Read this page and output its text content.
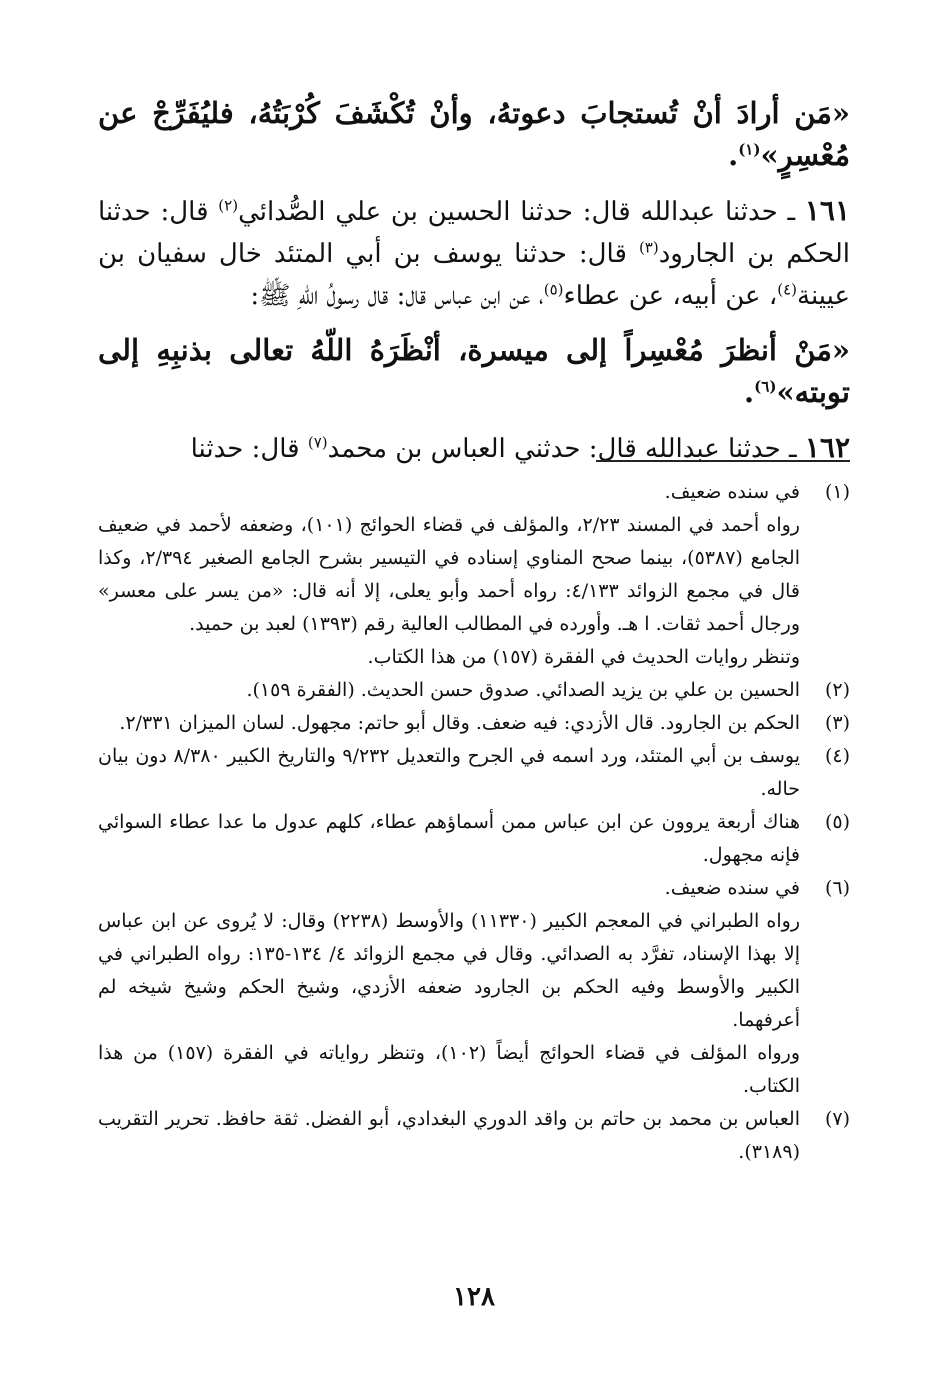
«مَن أرادَ أنْ تُستجابَ دعوتهُ، وأنْ تُكْشَفَ كُرْبَتُهُ، فليُفَرِّجْ عن مُعْسِرٍ»$^{(١)}$.

١٦١ ـ حدثنا عبدالله قال: حدثنا الحسين بن علي الصُّدائي$^{(٢)}$ قال: حدثنا الحكم بن الجارود$^{(٣)}$ قال: حدثنا يوسف بن أبي المتئد خال سفيان بن عيينة$^{(٤)}$، عن أبيه، عن عطاء$^{(٥)}$، عن ابن عباس قال: قال رسولُ اللّهِ ﷺ:

«مَنْ أنظرَ مُعْسِراً إلى ميسرة، أنْظَرَهُ اللّهُ تعالى بذنبِهِ إلى توبته»$^{(٦)}$.

١٦٢ ـ حدثنا عبدالله قال: حدثني العباس بن محمد$^{(٧)}$ قال: حدثنا

(١)
في سنده ضعيف.
رواه أحمد في المسند ٢/٢٣، والمؤلف في قضاء الحوائج (١٠١)، وضعفه لأحمد في ضعيف الجامع (٥٣٨٧)، بينما صحح المناوي إسناده في التيسير بشرح الجامع الصغير ٢/٣٩٤، وكذا قال في مجمع الزوائد ٤/١٣٣: رواه أحمد وأبو يعلى، إلا أنه قال: «من يسر على معسر» ورجال أحمد ثقات. ا هـ. وأورده في المطالب العالية رقم (١٣٩٣) لعبد بن حميد.
وتنظر روايات الحديث في الفقرة (١٥٧) من هذا الكتاب.
(٢)
الحسين بن علي بن يزيد الصدائي. صدوق حسن الحديث. (الفقرة ١٥٩).
(٣)
الحكم بن الجارود. قال الأزدي: فيه ضعف. وقال أبو حاتم: مجهول. لسان الميزان ٢/٣٣١.
(٤)
يوسف بن أبي المتئد، ورد اسمه في الجرح والتعديل ٩/٢٣٢ والتاريخ الكبير ٨/٣٨٠ دون بيان حاله.
(٥)
هناك أربعة يروون عن ابن عباس ممن أسماؤهم عطاء، كلهم عدول ما عدا عطاء السوائي فإنه مجهول.
(٦)
في سنده ضعيف.
رواه الطبراني في المعجم الكبير (١١٣٣٠) والأوسط (٢٢٣٨) وقال: لا يُروى عن ابن عباس إلا بهذا الإسناد، تفرَّد به الصدائي. وقال في مجمع الزوائد ٤/ ١٣٤-١٣٥: رواه الطبراني في الكبير والأوسط وفيه الحكم بن الجارود ضعفه الأزدي، وشيخ الحكم وشيخ شيخه لم أعرفهما.
ورواه المؤلف في قضاء الحوائج أيضاً (١٠٢)، وتنظر رواياته في الفقرة (١٥٧) من هذا الكتاب.
(٧)
العباس بن محمد بن حاتم بن واقد الدوري البغدادي، أبو الفضل. ثقة حافظ. تحرير التقريب (٣١٨٩).
١٢٨
